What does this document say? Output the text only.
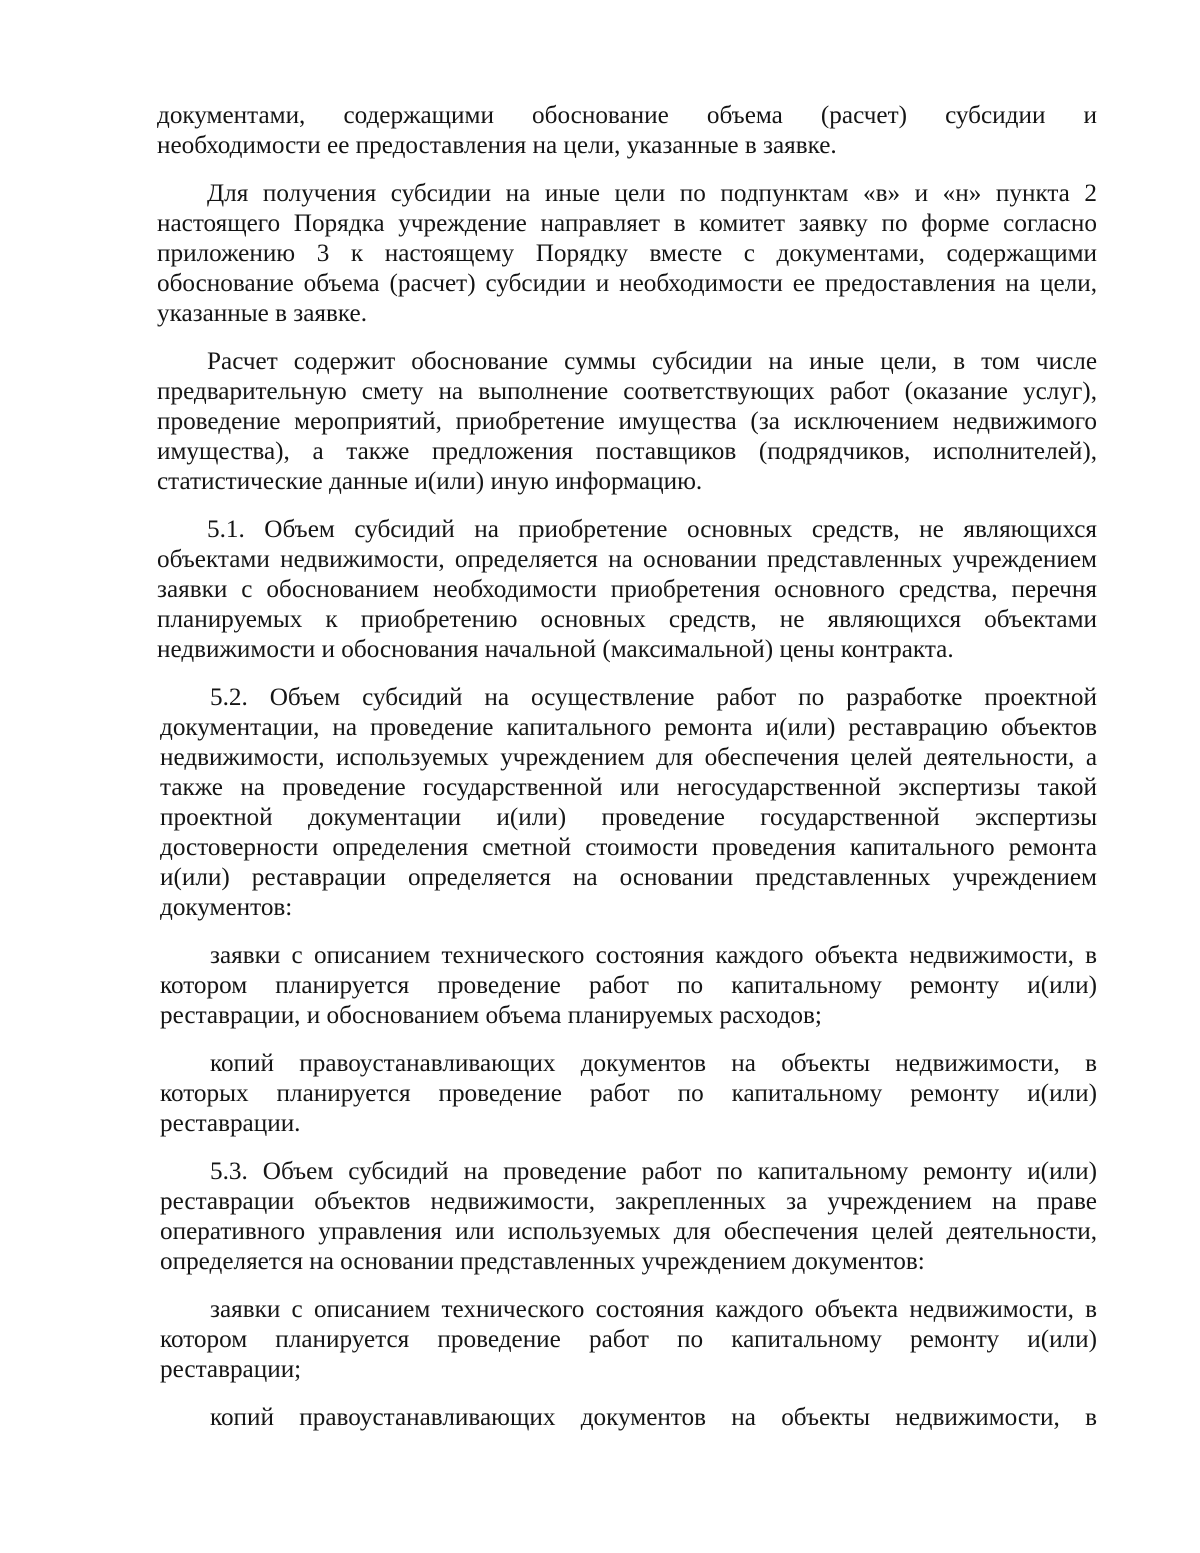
документами, содержащими обоснование объема (расчет) субсидии и
необходимости ее предоставления на цели, указанные в заявке.
Для получения субсидии на иные цели по подпунктам «в» и «н» пункта 2
настоящего Порядка учреждение направляет в комитет заявку по форме согласно
приложению 3 к настоящему Порядку вместе с документами, содержащими
обоснование объема (расчет) субсидии и необходимости ее предоставления на цели,
указанные в заявке.
Расчет содержит обоснование суммы субсидии на иные цели, в том числе
предварительную смету на выполнение соответствующих работ (оказание услуг),
проведение мероприятий, приобретение имущества (за исключением недвижимого
имущества), а также предложения поставщиков (подрядчиков, исполнителей),
статистические данные и(или) иную информацию.
5.1. Объем субсидий на приобретение основных средств, не являющихся
объектами недвижимости, определяется на основании представленных учреждением
заявки с обоснованием необходимости приобретения основного средства, перечня
планируемых к приобретению основных средств, не являющихся объектами
недвижимости и обоснования начальной (максимальной) цены контракта.
5.2. Объем субсидий на осуществление работ по разработке проектной
документации, на проведение капитального ремонта и(или) реставрацию объектов
недвижимости, используемых учреждением для обеспечения целей деятельности, а
также на проведение государственной или негосударственной экспертизы такой
проектной документации и(или) проведение государственной экспертизы
достоверности определения сметной стоимости проведения капитального ремонта
и(или) реставрации определяется на основании представленных учреждением
документов:
заявки с описанием технического состояния каждого объекта недвижимости, в
котором планируется проведение работ по капитальному ремонту и(или)
реставрации, и обоснованием объема планируемых расходов;
копий правоустанавливающих документов на объекты недвижимости, в
которых планируется проведение работ по капитальному ремонту и(или)
реставрации.
5.3. Объем субсидий на проведение работ по капитальному ремонту и(или)
реставрации объектов недвижимости, закрепленных за учреждением на праве
оперативного управления или используемых для обеспечения целей деятельности,
определяется на основании представленных учреждением документов:
заявки с описанием технического состояния каждого объекта недвижимости, в
котором планируется проведение работ по капитальному ремонту и(или)
реставрации;
копий правоустанавливающих документов на объекты недвижимости, в
